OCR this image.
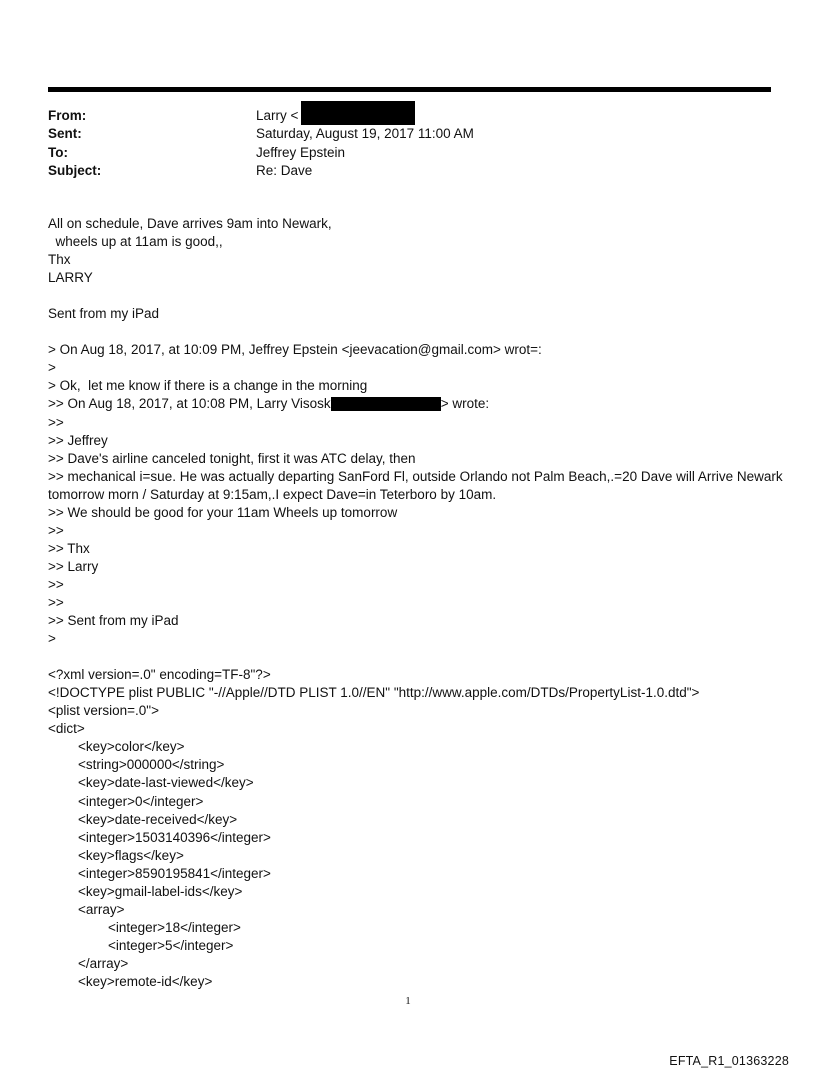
From:	Larry <
Sent:	Saturday, August 19, 2017 11:00 AM
To:	Jeffrey Epstein
Subject:	Re: Dave
All on schedule, Dave arrives 9am into Newark,
wheels up at 11am is good,,
Thx
LARRY
Sent from my iPad
> On Aug 18, 2017, at 10:09 PM, Jeffrey Epstein <jeevacation@gmail.com> wrot=:
>
> Ok,  let me know if there is a change in the morning
>> On Aug 18, 2017, at 10:08 PM, Larry Visosk	> wrote:
>>
>> Jeffrey
>> Dave's airline canceled tonight, first it was ATC delay, then
>> mechanical i=sue. He was actually departing SanFord Fl, outside Orlando not Palm Beach,.=20 Dave will Arrive Newark tomorrow morn / Saturday at 9:15am,.I expect Dave=in Teterboro by 10am.
>> We should be good for your 11am Wheels up tomorrow
>>
>> Thx
>> Larry
>>
>>
>> Sent from my iPad
>
<?xml version=.0" encoding=TF-8"?>
<!DOCTYPE plist PUBLIC "-//Apple//DTD PLIST 1.0//EN" "http://www.apple.com/DTDs/PropertyList-1.0.dtd">
<plist version=.0">
<dict>
<key>color</key>
<string>000000</string>
<key>date-last-viewed</key>
<integer>0</integer>
<key>date-received</key>
<integer>1503140396</integer>
<key>flags</key>
<integer>8590195841</integer>
<key>gmail-label-ids</key>
<array>
<integer>18</integer>
<integer>5</integer>
</array>
<key>remote-id</key>
1
EFTA_R1_01363228
